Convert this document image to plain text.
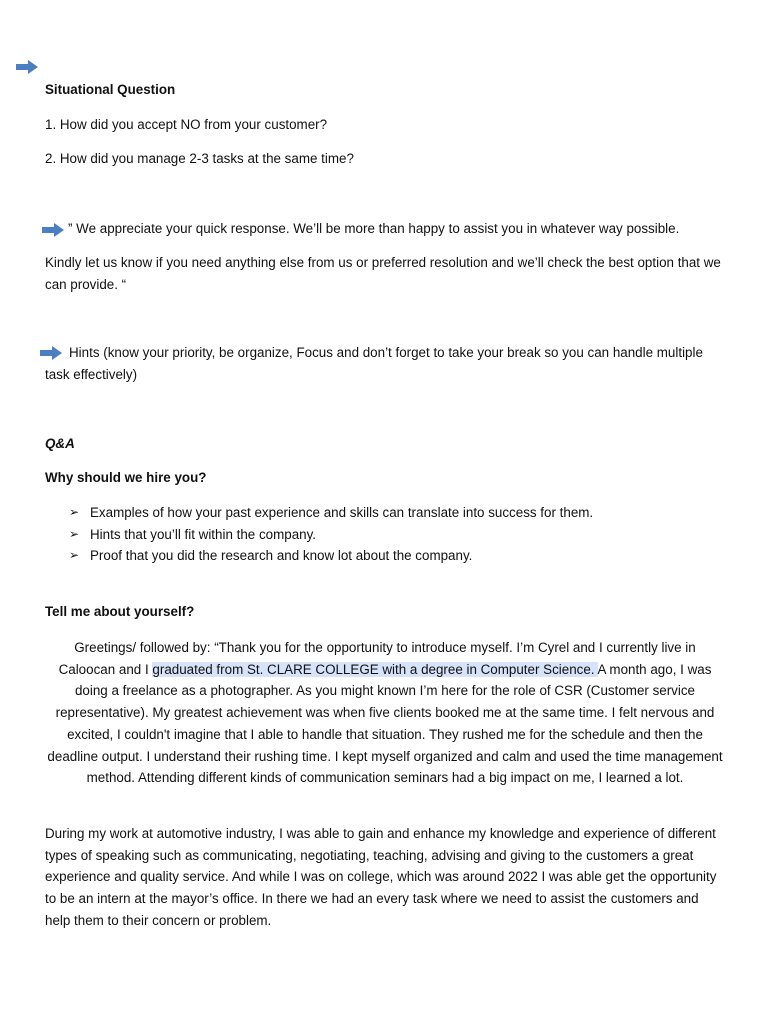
Situational Question
1. How did you accept NO from your customer?
2. How did you manage 2-3 tasks at the same time?
” We appreciate your quick response. We’ll be more than happy to assist you in whatever way possible.
Kindly let us know if you need anything else from us or preferred resolution and we’ll check the best option that we can provide. “
Hints (know your priority, be organize, Focus and don’t forget to take your break so you can handle multiple task effectively)
Q&A
Why should we hire you?
➢ Examples of how your past experience and skills can translate into success for them.
➢ Hints that you’ll fit within the company.
➢ Proof that you did the research and know lot about the company.
Tell me about yourself?
Greetings/ followed by: “Thank you for the opportunity to introduce myself. I’m Cyrel and I currently live in Caloocan and I graduated from St. CLARE COLLEGE with a degree in Computer Science. A month ago, I was doing a freelance as a photographer. As you might known I’m here for the role of CSR (Customer service representative). My greatest achievement was when five clients booked me at the same time. I felt nervous and excited, I couldn't imagine that I able to handle that situation. They rushed me for the schedule and then the deadline output. I understand their rushing time. I kept myself organized and calm and used the time management method. Attending different kinds of communication seminars had a big impact on me, I learned a lot.
During my work at automotive industry, I was able to gain and enhance my knowledge and experience of different types of speaking such as communicating, negotiating, teaching, advising and giving to the customers a great experience and quality service. And while I was on college, which was around 2022 I was able get the opportunity to be an intern at the mayor’s office. In there we had an every task where we need to assist the customers and help them to their concern or problem.
